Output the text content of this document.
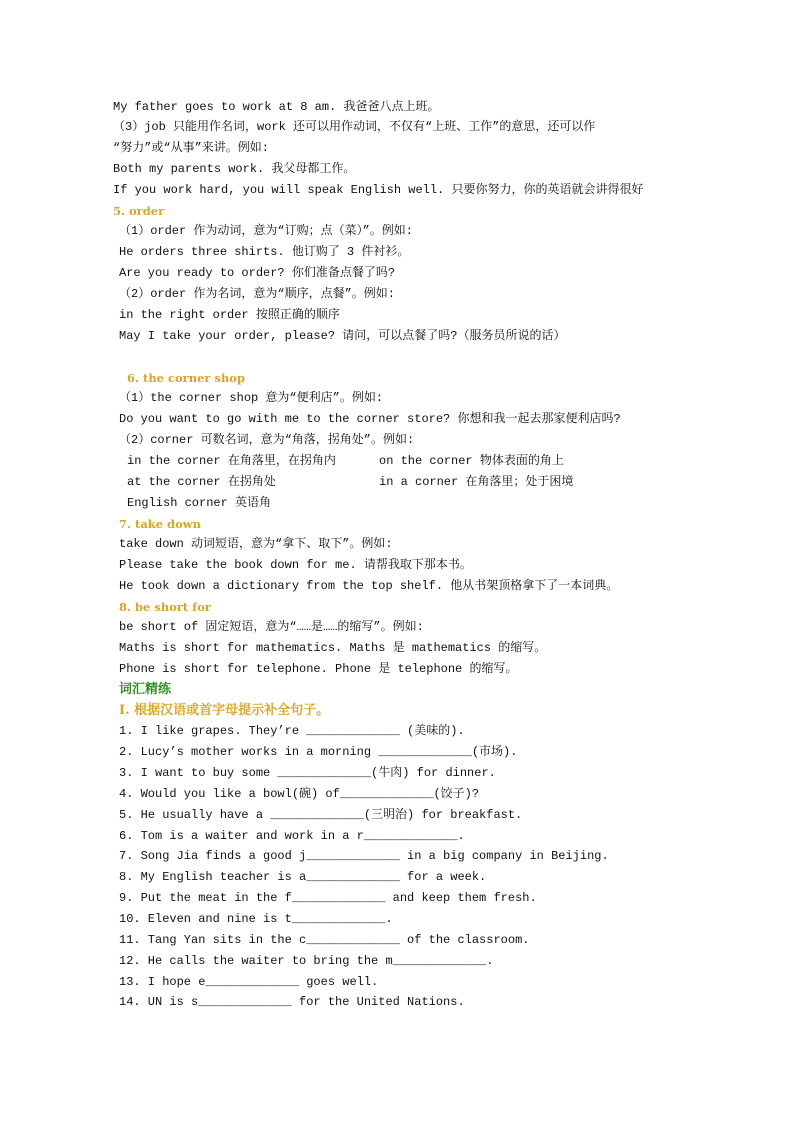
My father goes to work at 8 am. 我爸爸八点上班。
（3）job 只能用作名词，work 还可以用作动词，不仅有“上班、工作”的意思，还可以作
“努力”或“从事”来讲。例如:
Both my parents work. 我父母都工作。
If you work hard, you will speak English well. 只要你努力，你的英语就会讲得很好
5. order
（1）order 作为动词，意为“订购；点（菜）”。例如:
He orders three shirts. 他订购了 3 件衬衫。
Are you ready to order? 你们准备点餐了吗?
（2）order 作为名词，意为“顺序，点餐”。例如:
in the right order 按照正确的顺序
May I take your order, please? 请问，可以点餐了吗?（服务员所说的话）
6. the corner shop
（1）the corner shop 意为“便利店”。例如:
Do you want to go with me to the corner store? 你想和我一起去那家便利店吗?
（2）corner 可数名词，意为“角落，拐角处”。例如:
in the corner 在角落里，在拐角内	on the corner 物体表面的角上
at the corner 在拐角处	in a corner 在角落里；处于困境
English corner 英语角
7. take down
take down 动词短语，意为“拿下、取下”。例如:
Please take the book down for me. 请帮我取下那本书。
He took down a dictionary from the top shelf. 他从书架顶格拿下了一本词典。
8. be short for
be short of 固定短语，意为“……是……的缩写”。例如:
Maths is short for mathematics. Maths 是 mathematics 的缩写。
Phone is short for telephone. Phone 是 telephone 的缩写。
词汇精练
I. 根据汉语或首字母提示补全句子。
1. I like grapes. They’re _____________ (美味的).
2. Lucy’s mother works in a morning _____________(市场).
3. I want to buy some _____________(牛肉) for dinner.
4. Would you like a bowl(碗) of_____________(饺子)?
5. He usually have a _____________(三明治) for breakfast.
6. Tom is a waiter and work in a r_____________.
7. Song Jia finds a good j_____________ in a big company in Beijing.
8. My English teacher is a_____________ for a week.
9. Put the meat in the f_____________ and keep them fresh.
10. Eleven and nine is t_____________.
11. Tang Yan sits in the c_____________ of the classroom.
12. He calls the waiter to bring the m_____________.
13. I hope e_____________ goes well.
14. UN is s_____________ for the United Nations.
